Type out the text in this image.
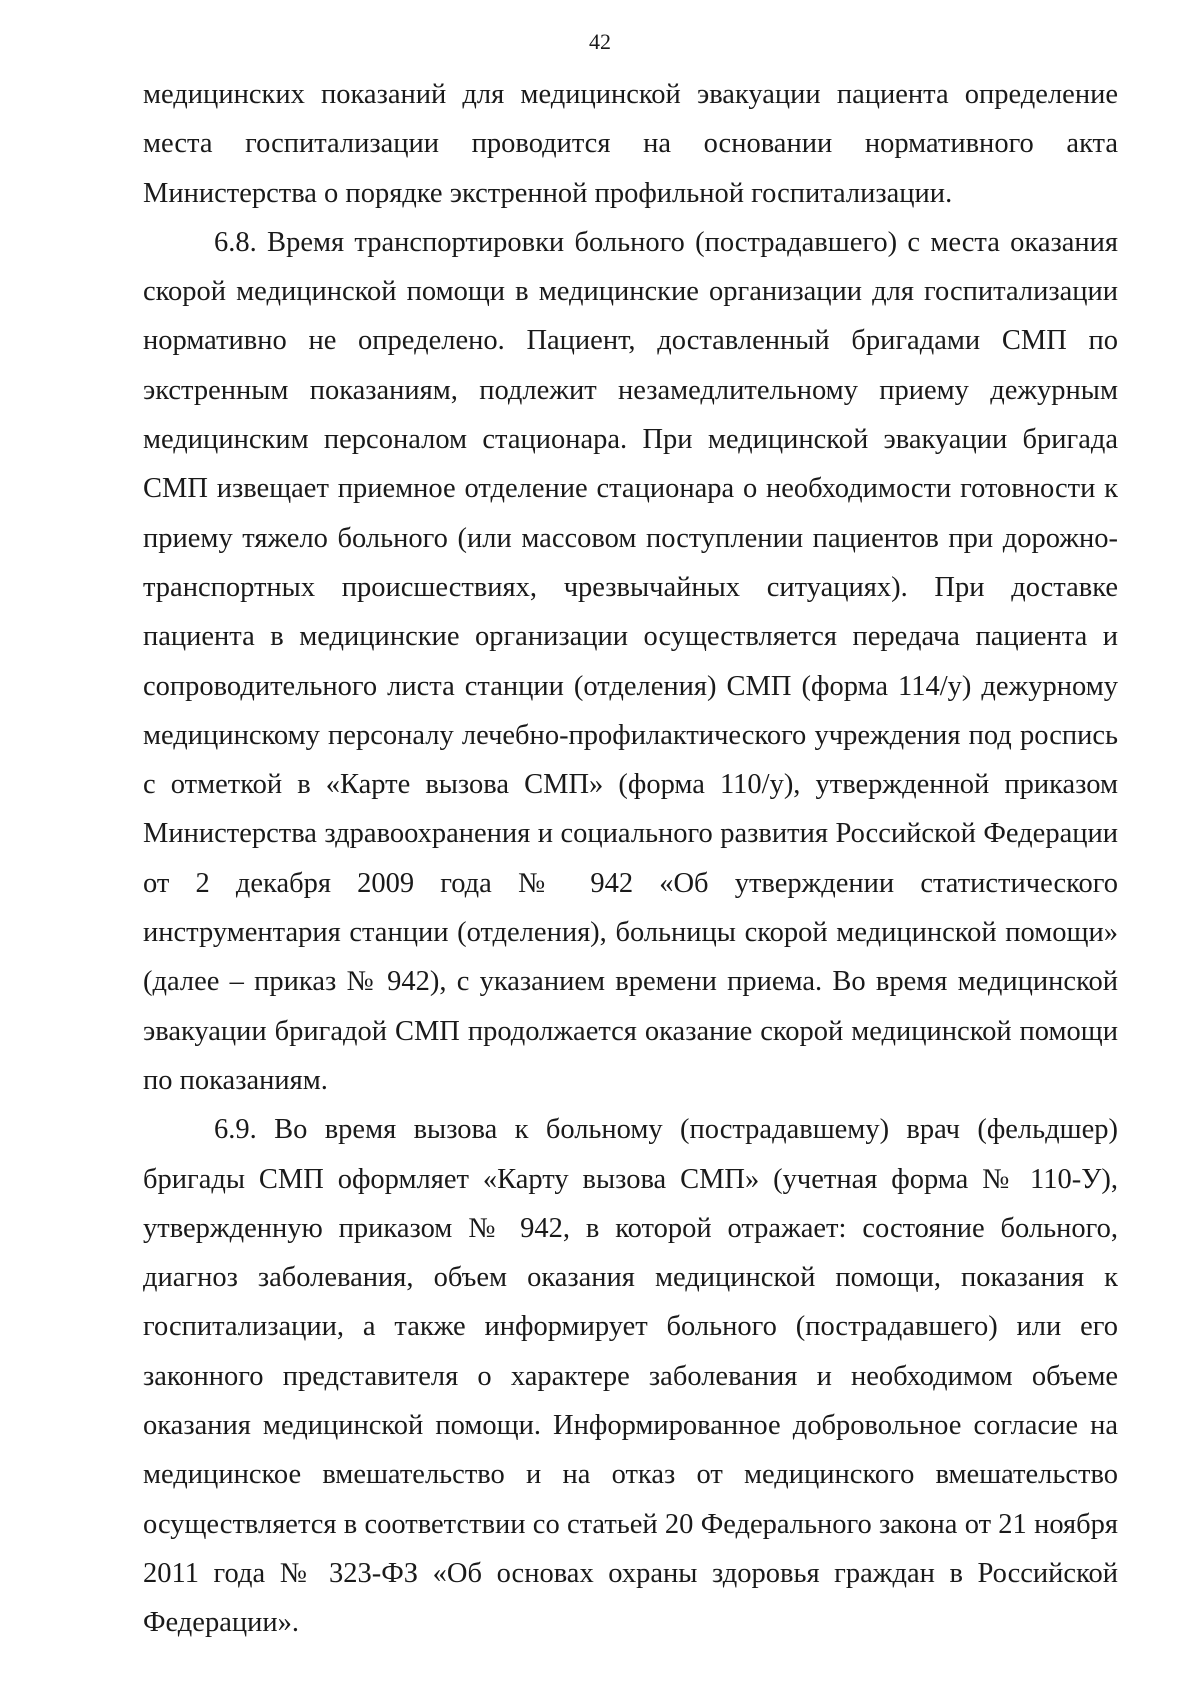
42

медицинских показаний для медицинской эвакуации пациента определение места госпитализации проводится на основании нормативного акта Министерства о порядке экстренной профильной госпитализации.

6.8. Время транспортировки больного (пострадавшего) с места оказания скорой медицинской помощи в медицинские организации для госпитализации нормативно не определено. Пациент, доставленный бригадами СМП по экстренным показаниям, подлежит незамедлительному приему дежурным медицинским персоналом стационара. При медицинской эвакуации бригада СМП извещает приемное отделение стационара о необходимости готовности к приему тяжело больного (или массовом поступлении пациентов при дорожно-транспортных происшествиях, чрезвычайных ситуациях). При доставке пациента в медицинские организации осуществляется передача пациента и сопроводительного листа станции (отделения) СМП (форма 114/у) дежурному медицинскому персоналу лечебно-профилактического учреждения под роспись с отметкой в «Карте вызова СМП» (форма 110/у), утвержденной приказом Министерства здравоохранения и социального развития Российской Федерации от 2 декабря 2009 года № 942 «Об утверждении статистического инструментария станции (отделения), больницы скорой медицинской помощи» (далее – приказ № 942), с указанием времени приема. Во время медицинской эвакуации бригадой СМП продолжается оказание скорой медицинской помощи по показаниям.

6.9. Во время вызова к больному (пострадавшему) врач (фельдшер) бригады СМП оформляет «Карту вызова СМП» (учетная форма № 110-У), утвержденную приказом № 942, в которой отражает: состояние больного, диагноз заболевания, объем оказания медицинской помощи, показания к госпитализации, а также информирует больного (пострадавшего) или его законного представителя о характере заболевания и необходимом объеме оказания медицинской помощи. Информированное добровольное согласие на медицинское вмешательство и на отказ от медицинского вмешательство осуществляется в соответствии со статьей 20 Федерального закона от 21 ноября 2011 года № 323-ФЗ «Об основах охраны здоровья граждан в Российской Федерации».
